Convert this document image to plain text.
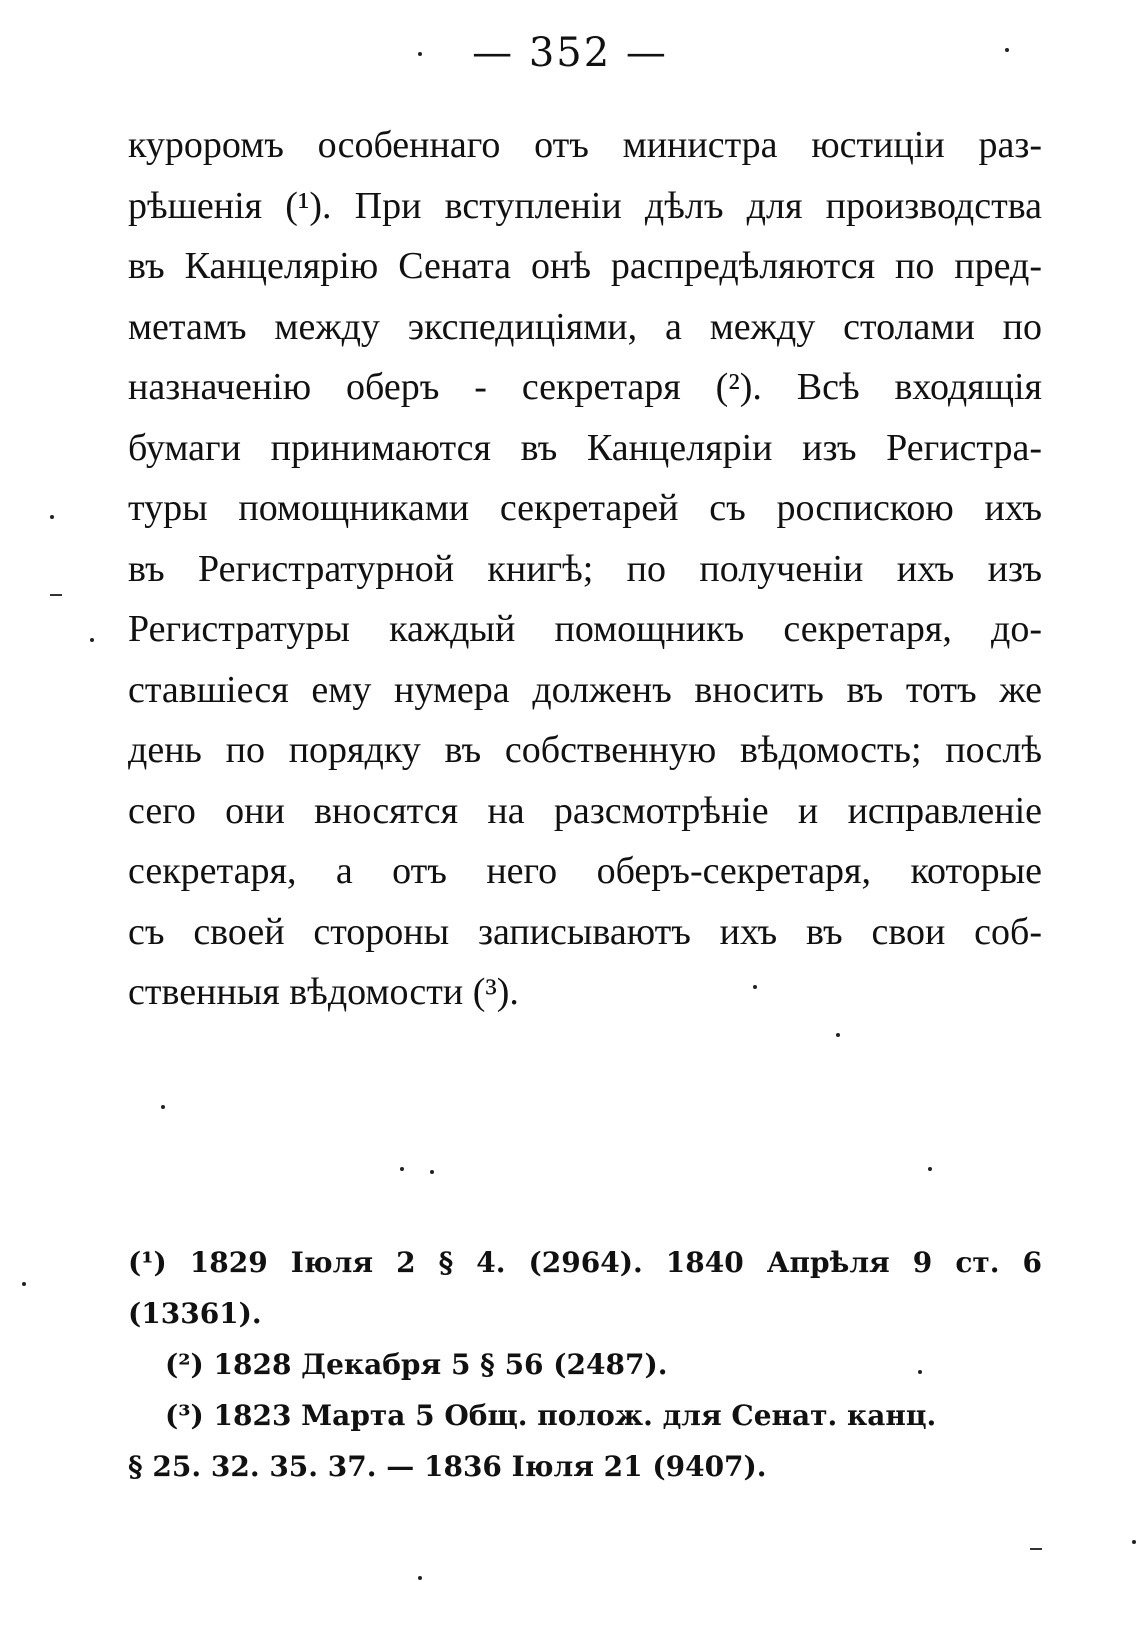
— 352 —
куроромъ особеннаго отъ министра юстиціи раз-
рѣшенія (¹). При вступленіи дѣлъ для производства
въ Канцелярію Сената онѣ распредѣляются по пред-
метамъ между экспедиціями, а между столами по
назначенію оберъ - секретаря (²). Всѣ входящія
бумаги принимаются въ Канцеляріи изъ Регистра-
туры помощниками секретарей съ роспискою ихъ
въ Регистратурной книгѣ; по полученіи ихъ изъ
Регистратуры каждый помощникъ секретаря, до-
ставшіеся ему нумера долженъ вносить въ тотъ же
день по порядку въ собственную вѣдомость; послѣ
сего они вносятся на разсмотрѣніе и исправленіе
секретаря, а отъ него оберъ-секретаря, которые
съ своей стороны записываютъ ихъ въ свои соб-
ственныя вѣдомости (³).
(¹) 1829 Іюля 2 § 4. (2964). 1840 Апрѣля 9 ст. 6
(13361).
(²) 1828 Декабря 5 § 56 (2487).
(³) 1823 Марта 5 Общ. полож. для Сенат. канц.
§ 25. 32. 35. 37. — 1836 Іюля 21 (9407).
